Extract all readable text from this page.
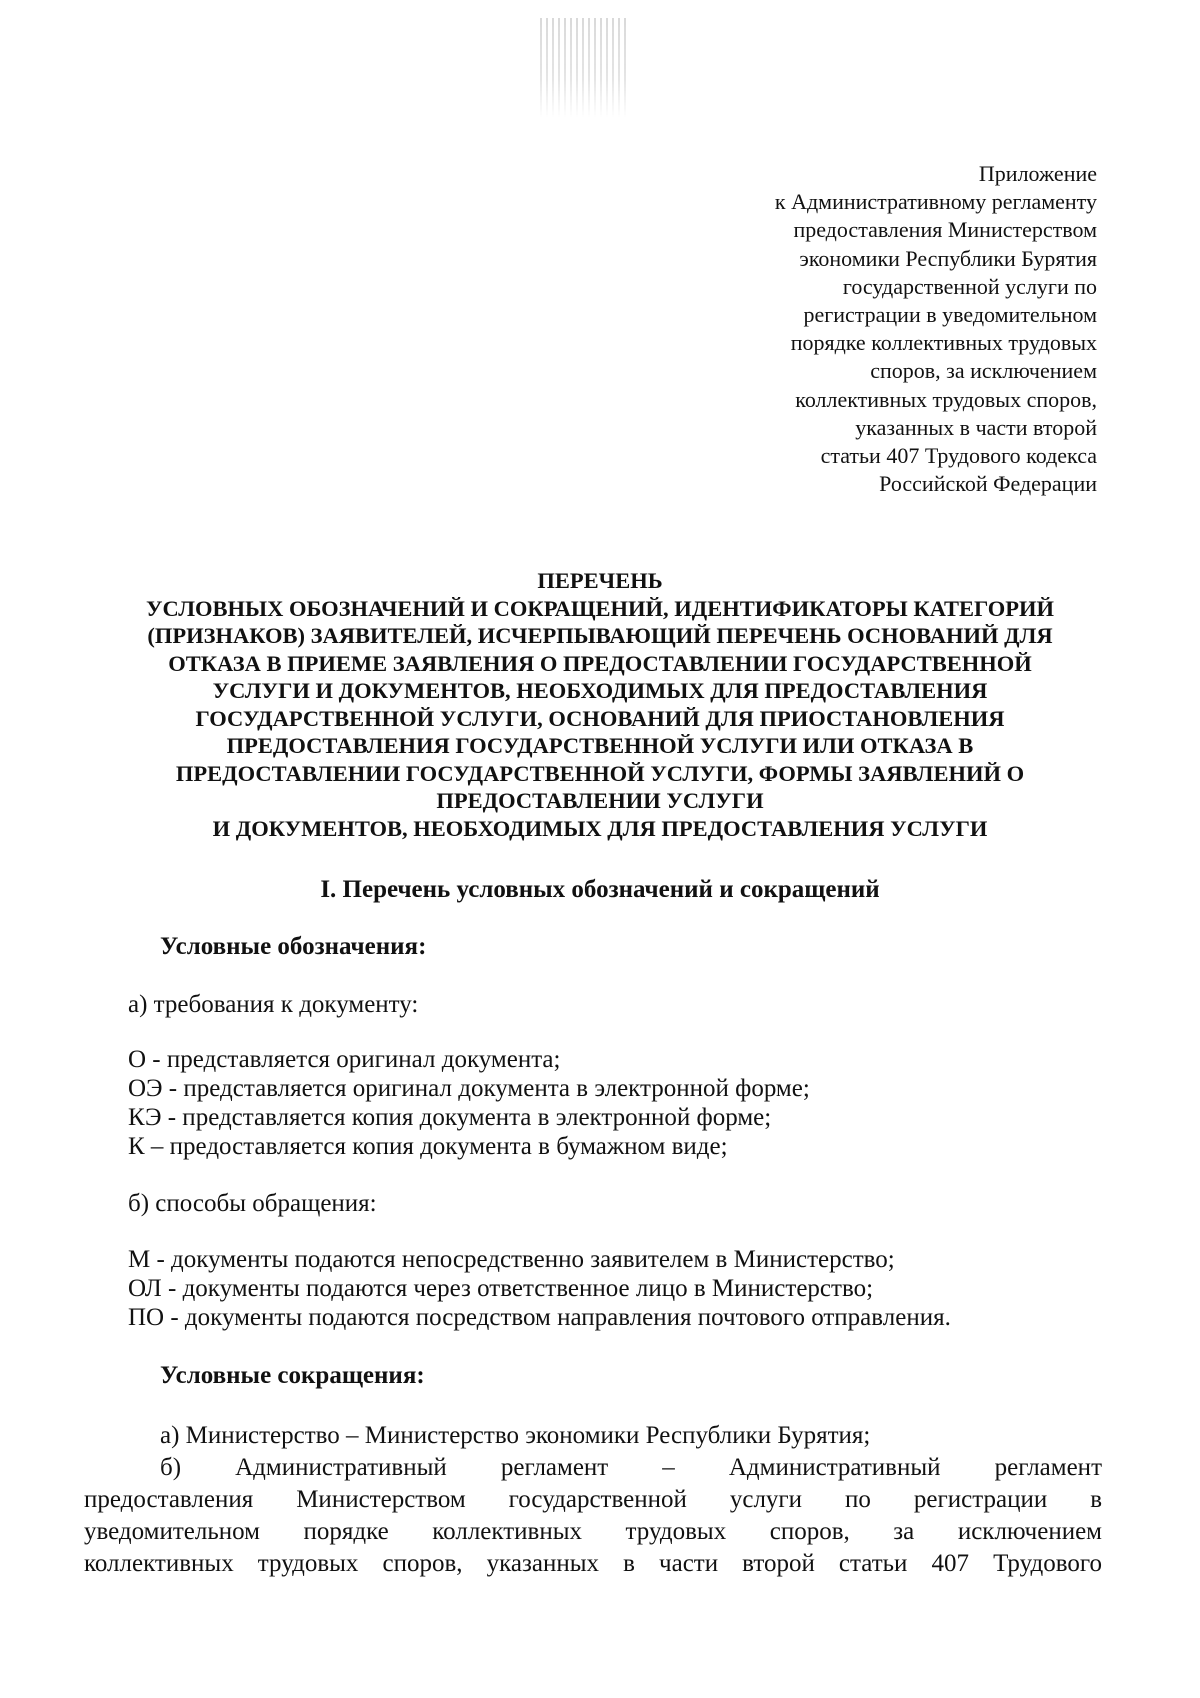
Приложение
к Административному регламенту
предоставления Министерством
экономики Республики Бурятия
государственной услуги по
регистрации в уведомительном
порядке коллективных трудовых
споров, за исключением
коллективных трудовых споров,
указанных в части второй
статьи 407 Трудового кодекса
Российской Федерации
ПЕРЕЧЕНЬ
УСЛОВНЫХ ОБОЗНАЧЕНИЙ И СОКРАЩЕНИЙ, ИДЕНТИФИКАТОРЫ КАТЕГОРИЙ
(ПРИЗНАКОВ) ЗАЯВИТЕЛЕЙ, ИСЧЕРПЫВАЮЩИЙ ПЕРЕЧЕНЬ ОСНОВАНИЙ ДЛЯ
ОТКАЗА В ПРИЕМЕ ЗАЯВЛЕНИЯ О ПРЕДОСТАВЛЕНИИ ГОСУДАРСТВЕННОЙ
УСЛУГИ И ДОКУМЕНТОВ, НЕОБХОДИМЫХ ДЛЯ ПРЕДОСТАВЛЕНИЯ
ГОСУДАРСТВЕННОЙ УСЛУГИ, ОСНОВАНИЙ ДЛЯ ПРИОСТАНОВЛЕНИЯ
ПРЕДОСТАВЛЕНИЯ ГОСУДАРСТВЕННОЙ УСЛУГИ ИЛИ ОТКАЗА В
ПРЕДОСТАВЛЕНИИ ГОСУДАРСТВЕННОЙ УСЛУГИ, ФОРМЫ ЗАЯВЛЕНИЙ О
ПРЕДОСТАВЛЕНИИ УСЛУГИ
И ДОКУМЕНТОВ, НЕОБХОДИМЫХ ДЛЯ ПРЕДОСТАВЛЕНИЯ УСЛУГИ
I. Перечень условных обозначений и сокращений
Условные обозначения:
а) требования к документу:
О - представляется оригинал документа;
ОЭ - представляется оригинал документа в электронной форме;
КЭ - представляется копия документа в электронной форме;
К – предоставляется копия документа в бумажном виде;
б) способы обращения:
М - документы подаются непосредственно заявителем в Министерство;
ОЛ - документы подаются через ответственное лицо в Министерство;
ПО - документы подаются посредством направления почтового отправления.
Условные сокращения:
а) Министерство – Министерство экономики Республики Бурятия;
б) Административный регламент – Административный регламент
предоставления Министерством государственной услуги по регистрации в
уведомительном порядке коллективных трудовых споров, за исключением
коллективных трудовых споров, указанных в части второй статьи 407 Трудового
